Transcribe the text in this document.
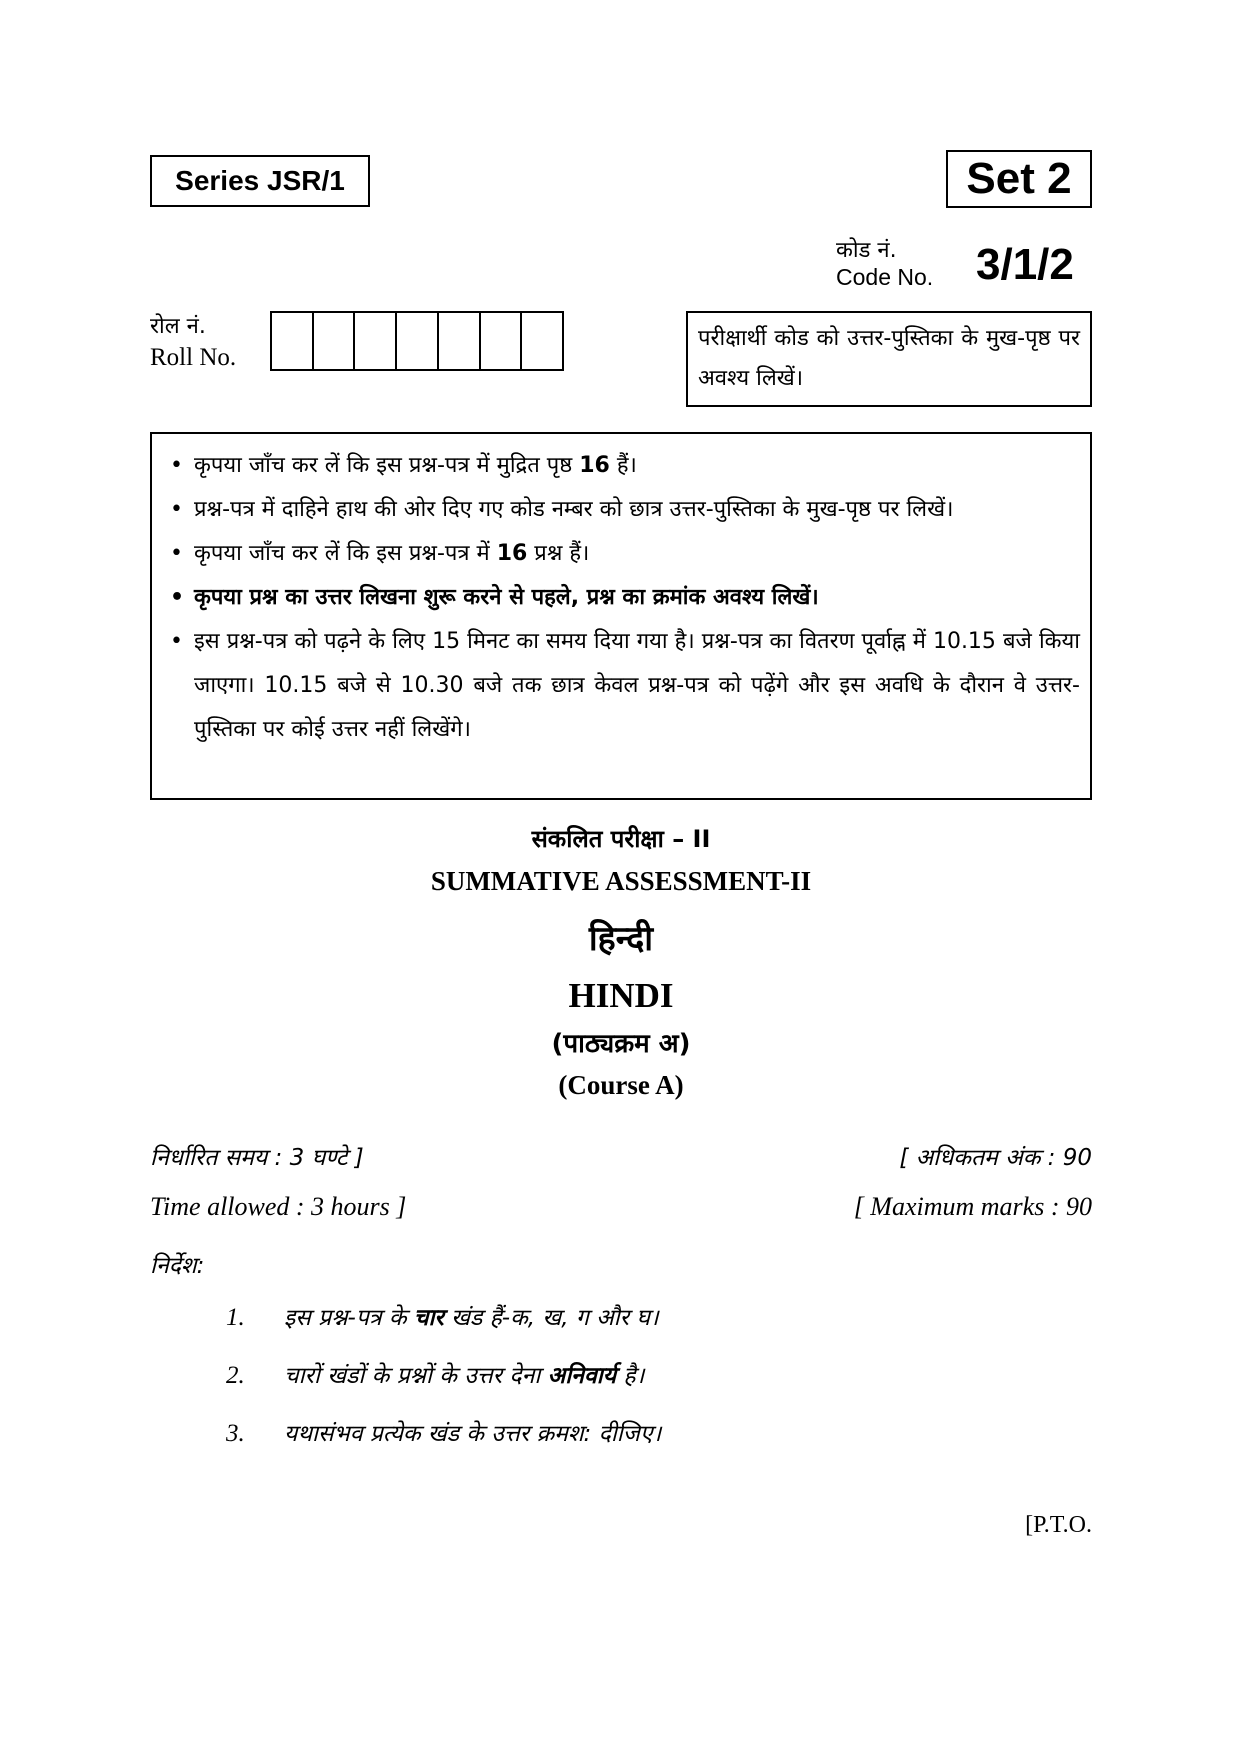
Series JSR/1	Set 2
कोड नं.
Code No. 3/1/2
रोल नं.
Roll No.
परीक्षार्थी कोड को उत्तर-पुस्तिका के मुख-पृष्ठ पर अवश्य लिखें।
• कृपया जाँच कर लें कि इस प्रश्न-पत्र में मुद्रित पृष्ठ 16 हैं।
• प्रश्न-पत्र में दाहिने हाथ की ओर दिए गए कोड नम्बर को छात्र उत्तर-पुस्तिका के मुख-पृष्ठ पर लिखें।
• कृपया जाँच कर लें कि इस प्रश्न-पत्र में 16 प्रश्न हैं।
• कृपया प्रश्न का उत्तर लिखना शुरू करने से पहले, प्रश्न का क्रमांक अवश्य लिखें।
• इस प्रश्न-पत्र को पढ़ने के लिए 15 मिनट का समय दिया गया है। प्रश्न-पत्र का वितरण पूर्वाह्न में 10.15 बजे किया जाएगा। 10.15 बजे से 10.30 बजे तक छात्र केवल प्रश्न-पत्र को पढ़ेंगे और इस अवधि के दौरान वे उत्तर-पुस्तिका पर कोई उत्तर नहीं लिखेंगे।
संकलित परीक्षा – II
SUMMATIVE ASSESSMENT-II
हिन्दी
HINDI
(पाठ्यक्रम अ)
(Course A)
निर्धारित समय : 3 घण्टे ]
Time allowed : 3 hours ]
[ अधिकतम अंक : 90
[ Maximum marks : 90
निर्देश:
1. इस प्रश्न-पत्र के चार खंड हैं-क, ख, ग और घ।
2. चारों खंडों के प्रश्नों के उत्तर देना अनिवार्य है।
3. यथासंभव प्रत्येक खंड के उत्तर क्रमश: दीजिए।
[P.T.O.
